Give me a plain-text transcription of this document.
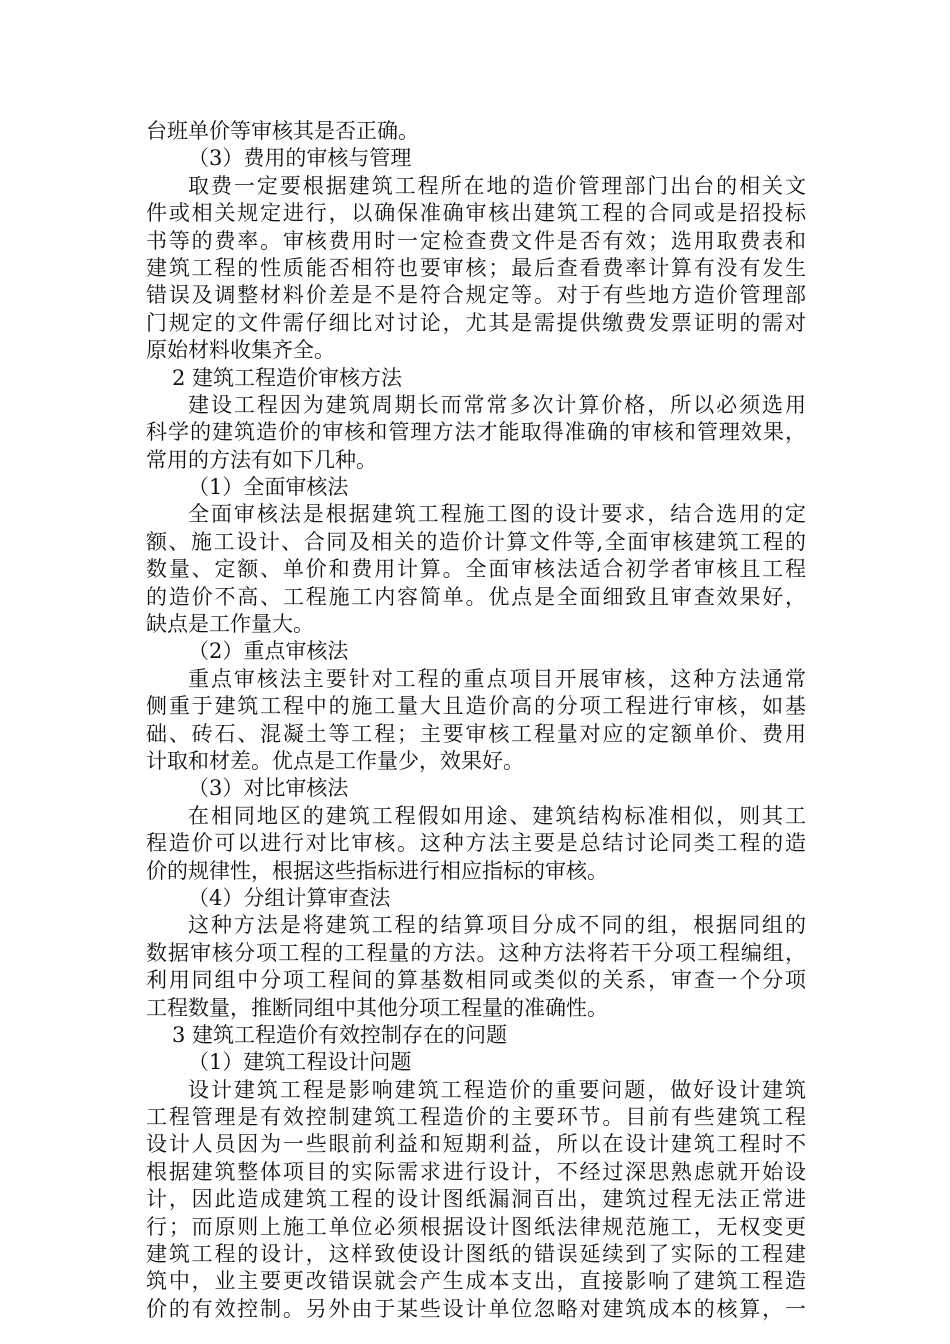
台班单价等审核其是否正确。
（3）费用的审核与管理
取费一定要根据建筑工程所在地的造价管理部门出台的相关文
件或相关规定进行，以确保准确审核出建筑工程的合同或是招投标
书等的费率。审核费用时一定检查费文件是否有效；选用取费表和
建筑工程的性质能否相符也要审核；最后查看费率计算有没有发生
错误及调整材料价差是不是符合规定等。对于有些地方造价管理部
门规定的文件需仔细比对讨论，尤其是需提供缴费发票证明的需对
原始材料收集齐全。
2 建筑工程造价审核方法
建设工程因为建筑周期长而常常多次计算价格，所以必须选用
科学的建筑造价的审核和管理方法才能取得准确的审核和管理效果，
常用的方法有如下几种。
（1）全面审核法
全面审核法是根据建筑工程施工图的设计要求，结合选用的定
额、施工设计、合同及相关的造价计算文件等,全面审核建筑工程的
数量、定额、单价和费用计算。全面审核法适合初学者审核且工程
的造价不高、工程施工内容简单。优点是全面细致且审查效果好，
缺点是工作量大。
（2）重点审核法
重点审核法主要针对工程的重点项目开展审核，这种方法通常
侧重于建筑工程中的施工量大且造价高的分项工程进行审核，如基
础、砖石、混凝土等工程；主要审核工程量对应的定额单价、费用
计取和材差。优点是工作量少，效果好。
（3）对比审核法
在相同地区的建筑工程假如用途、建筑结构标准相似，则其工
程造价可以进行对比审核。这种方法主要是总结讨论同类工程的造
价的规律性，根据这些指标进行相应指标的审核。
（4）分组计算审查法
这种方法是将建筑工程的结算项目分成不同的组，根据同组的
数据审核分项工程的工程量的方法。这种方法将若干分项工程编组，
利用同组中分项工程间的算基数相同或类似的关系，审查一个分项
工程数量，推断同组中其他分项工程量的准确性。
3 建筑工程造价有效控制存在的问题
（1）建筑工程设计问题
设计建筑工程是影响建筑工程造价的重要问题，做好设计建筑
工程管理是有效控制建筑工程造价的主要环节。目前有些建筑工程
设计人员因为一些眼前利益和短期利益，所以在设计建筑工程时不
根据建筑整体项目的实际需求进行设计，不经过深思熟虑就开始设
计，因此造成建筑工程的设计图纸漏洞百出，建筑过程无法正常进
行；而原则上施工单位必须根据设计图纸法律规范施工，无权变更
建筑工程的设计，这样致使设计图纸的错误延续到了实际的工程建
筑中，业主要更改错误就会产生成本支出，直接影响了建筑工程造
价的有效控制。另外由于某些设计单位忽略对建筑成本的核算，一
